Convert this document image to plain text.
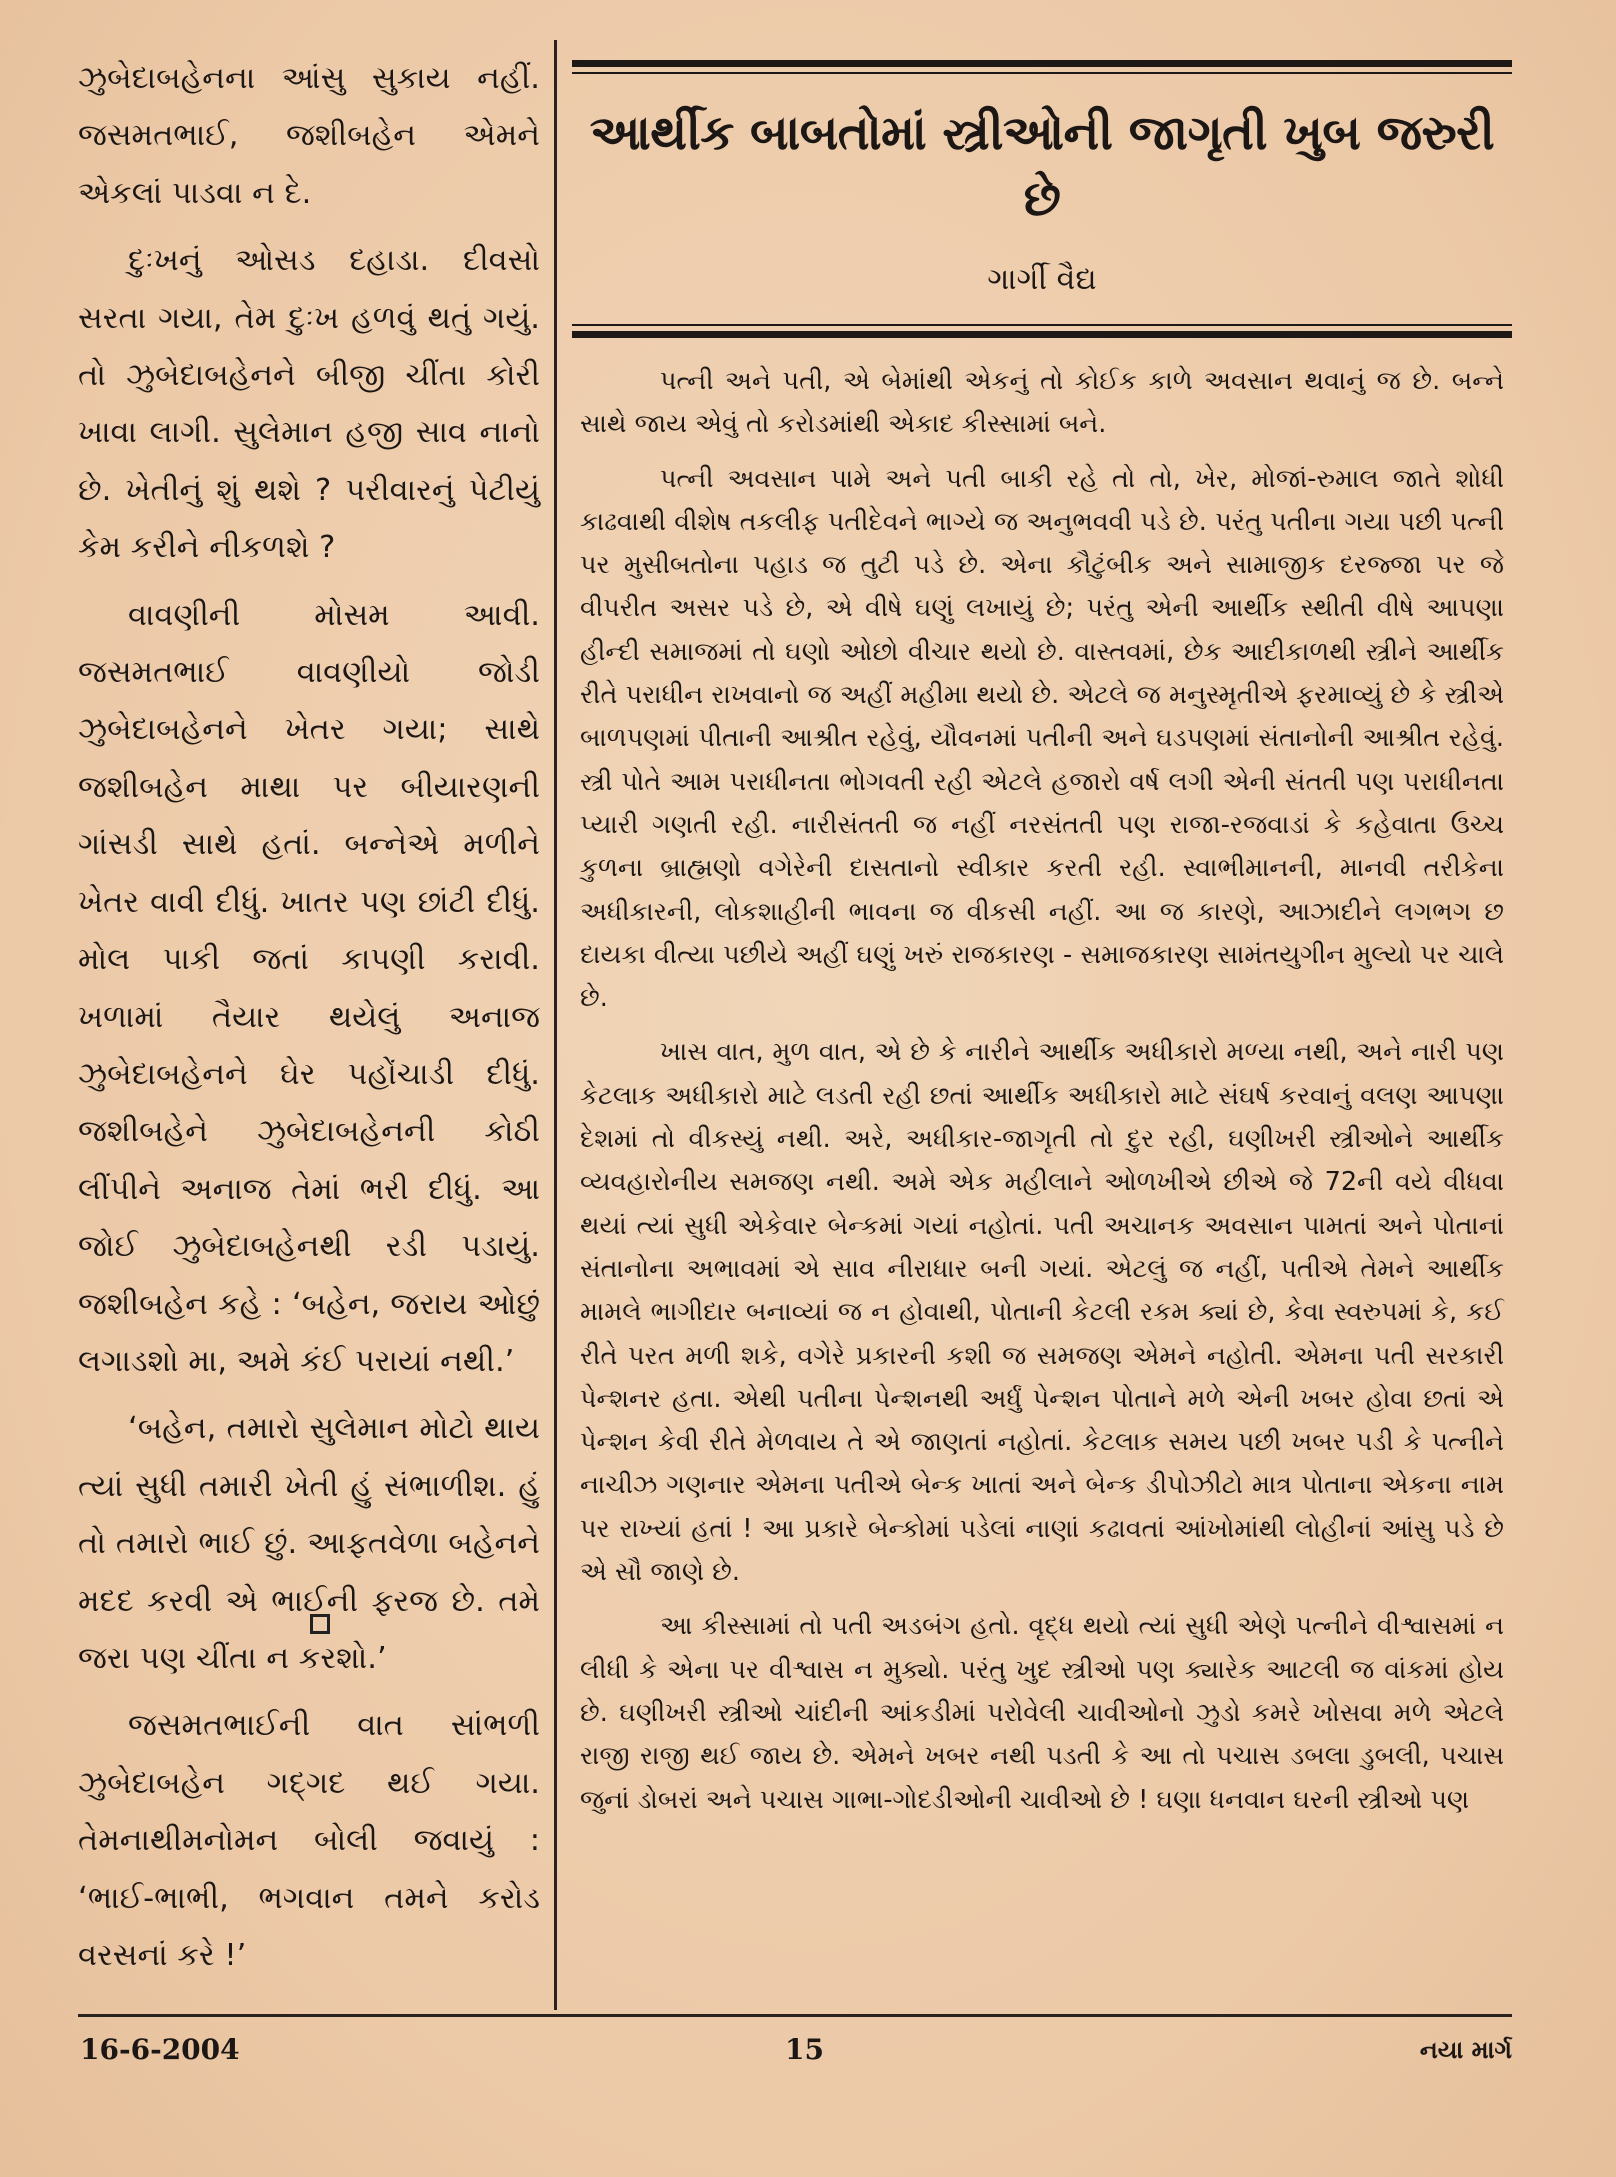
ઝુબેદાબહેનના આંસુ સુકાય નહીં. જસમતભાઈ, જશીબહેન એમને એકલાં પાડવા ન દે.

દુઃખનું ઓસડ દહાડા. દીવસો સરતા ગયા, તેમ દુઃખ હળવું થતું ગયું. તો ઝુબેદાબહેનને બીજી ચીંતા કોરી ખાવા લાગી. સુલેમાન હજી સાવ નાનો છે. ખેતીનું શું થશે ? પરીવારનું પેટીયું કેમ કરીને નીકળશે ?

વાવણીની મોસમ આવી. જસમતભાઈ વાવણીયો જોડી ઝુબેદાબહેનને ખેતર ગયા; સાથે જશીબહેન માથા પર બીયારણની ગાંસડી સાથે હતાં. બન્નેએ મળીને ખેતર વાવી દીધું. ખાતર પણ છાંટી દીધું. મોલ પાકી જતાં કાપણી કરાવી. ખળામાં તૈયાર થયેલું અનાજ ઝુબેદાબહેનને ઘેર પહોંચાડી દીધું. જશીબહેને ઝુબેદાબહેનની કોઠી લીંપીને અનાજ તેમાં ભરી દીધું. આ જોઈ ઝુબેદાબહેનથી રડી પડાયું. જશીબહેન કહે : ‘બહેન, જરાય ઓછું લગાડશો મા, અમે કંઈ પરાયાં નથી.’

‘બહેન, તમારો સુલેમાન મોટો થાય ત્યાં સુધી તમારી ખેતી હું સંભાળીશ. હું તો તમારો ભાઈ છું. આફતવેળા બહેનને મદદ કરવી એ ભાઈની ફરજ છે. તમે જરા પણ ચીંતા ન કરશો.’

જસમતભાઈની વાત સાંભળી ઝુબેદાબહેન ગદ્ગદ થઈ ગયા. તેમનાથીમનોમન બોલી જવાયું : ‘ભાઈ-ભાભી, ભગવાન તમને કરોડ વરસનાં કરે !’

આર્થીક બાબતોમાં સ્ત્રીઓની જાગૃતી ખુબ જરુરી છે
ગાર્ગી વૈદ્ય

પત્ની અને પતી, એ બેમાંથી એકનું તો કોઈક કાળે અવસાન થવાનું જ છે. બન્ને સાથે જાય એવું તો કરોડમાંથી એકાદ કીસ્સામાં બને.

પત્ની અવસાન પામે અને પતી બાકી રહે તો તો, ખેર, મોજાં-રુમાલ જાતે શોધી કાઢવાથી વીશેષ તકલીફ પતીદેવને ભાગ્યે જ અનુભવવી પડે છે. પરંતુ પતીના ગયા પછી પત્ની પર મુસીબતોના પહાડ જ તુટી પડે છે. એના કૌટુંબીક અને સામાજીક દરજ્જા પર જે વીપરીત અસર પડે છે, એ વીષે ઘણું લખાયું છે; પરંતુ એની આર્થીક સ્થીતી વીષે આપણા હીન્દી સમાજમાં તો ઘણો ઓછો વીચાર થયો છે. વાસ્તવમાં, છેક આદીકાળથી સ્ત્રીને આર્થીક રીતે પરાધીન રાખવાનો જ અહીં મહીમા થયો છે. એટલે જ મનુસ્મૃતીએ ફરમાવ્યું છે કે સ્ત્રીએ બાળપણમાં પીતાની આશ્રીત રહેવું, યૌવનમાં પતીની અને ઘડપણમાં સંતાનોની આશ્રીત રહેવું. સ્ત્રી પોતે આમ પરાધીનતા ભોગવતી રહી એટલે હજારો વર્ષ લગી એની સંતતી પણ પરાધીનતા પ્યારી ગણતી રહી. નારીસંતતી જ નહીં નરસંતતી પણ રાજા-રજવાડાં કે કહેવાતા ઉચ્ચ કુળના બ્રાહ્મણો વગેરેની દાસતાનો સ્વીકાર કરતી રહી. સ્વાભીમાનની, માનવી તરીકેના અધીકારની, લોકશાહીની ભાવના જ વીકસી નહીં. આ જ કારણે, આઝાદીને લગભગ છ દાયકા વીત્યા પછીયે અહીં ઘણું ખરું રાજકારણ - સમાજકારણ સામંતયુગીન મુલ્યો પર ચાલે છે.

ખાસ વાત, મુળ વાત, એ છે કે નારીને આર્થીક અધીકારો મળ્યા નથી, અને નારી પણ કેટલાક અધીકારો માટે લડતી રહી છતાં આર્થીક અધીકારો માટે સંઘર્ષ કરવાનું વલણ આપણા દેશમાં તો વીકસ્યું નથી. અરે, અધીકાર-જાગૃતી તો દુર રહી, ઘણીખરી સ્ત્રીઓને આર્થીક વ્યવહારોનીય સમજણ નથી. અમે એક મહીલાને ઓળખીએ છીએ જે 72ની વયે વીધવા થયાં ત્યાં સુધી એકેવાર બેન્કમાં ગયાં નહોતાં. પતી અચાનક અવસાન પામતાં અને પોતાનાં સંતાનોના અભાવમાં એ સાવ નીરાધાર બની ગયાં. એટલું જ નહીં, પતીએ તેમને આર્થીક મામલે ભાગીદાર બનાવ્યાં જ ન હોવાથી, પોતાની કેટલી રકમ ક્યાં છે, કેવા સ્વરુપમાં કે, કઈ રીતે પરત મળી શકે, વગેરે પ્રકારની કશી જ સમજણ એમને નહોતી. એમના પતી સરકારી પેન્શનર હતા. એથી પતીના પેન્શનથી અર્ધું પેન્શન પોતાને મળે એની ખબર હોવા છતાં એ પેન્શન કેવી રીતે મેળવાય તે એ જાણતાં નહોતાં. કેટલાક સમય પછી ખબર પડી કે પત્નીને નાચીઝ ગણનાર એમના પતીએ બેન્ક ખાતાં અને બેન્ક ડીપોઝીટો માત્ર પોતાના એકના નામ પર રાખ્યાં હતાં ! આ પ્રકારે બેન્કોમાં પડેલાં નાણાં કઢાવતાં આંખોમાંથી લોહીનાં આંસુ પડે છે એ સૌ જાણે છે.

આ કીસ્સામાં તો પતી અડબંગ હતો. વૃદ્ધ થયો ત્યાં સુધી એણે પત્નીને વીશ્વાસમાં ન લીધી કે એના પર વીશ્વાસ ન મુક્યો. પરંતુ ખુદ સ્ત્રીઓ પણ ક્યારેક આટલી જ વાંકમાં હોય છે. ઘણીખરી સ્ત્રીઓ ચાંદીની આંકડીમાં પરોવેલી ચાવીઓનો ઝુડો કમરે ખોસવા મળે એટલે રાજી રાજી થઈ જાય છે. એમને ખબર નથી પડતી કે આ તો પચાસ ડબલા ડુબલી, પચાસ જુનાં ડોબરાં અને પચાસ ગાભા-ગોદડીઓની ચાવીઓ છે ! ઘણા ધનવાન ઘરની સ્ત્રીઓ પણ

16-6-2004	15	નયા માર્ગ
